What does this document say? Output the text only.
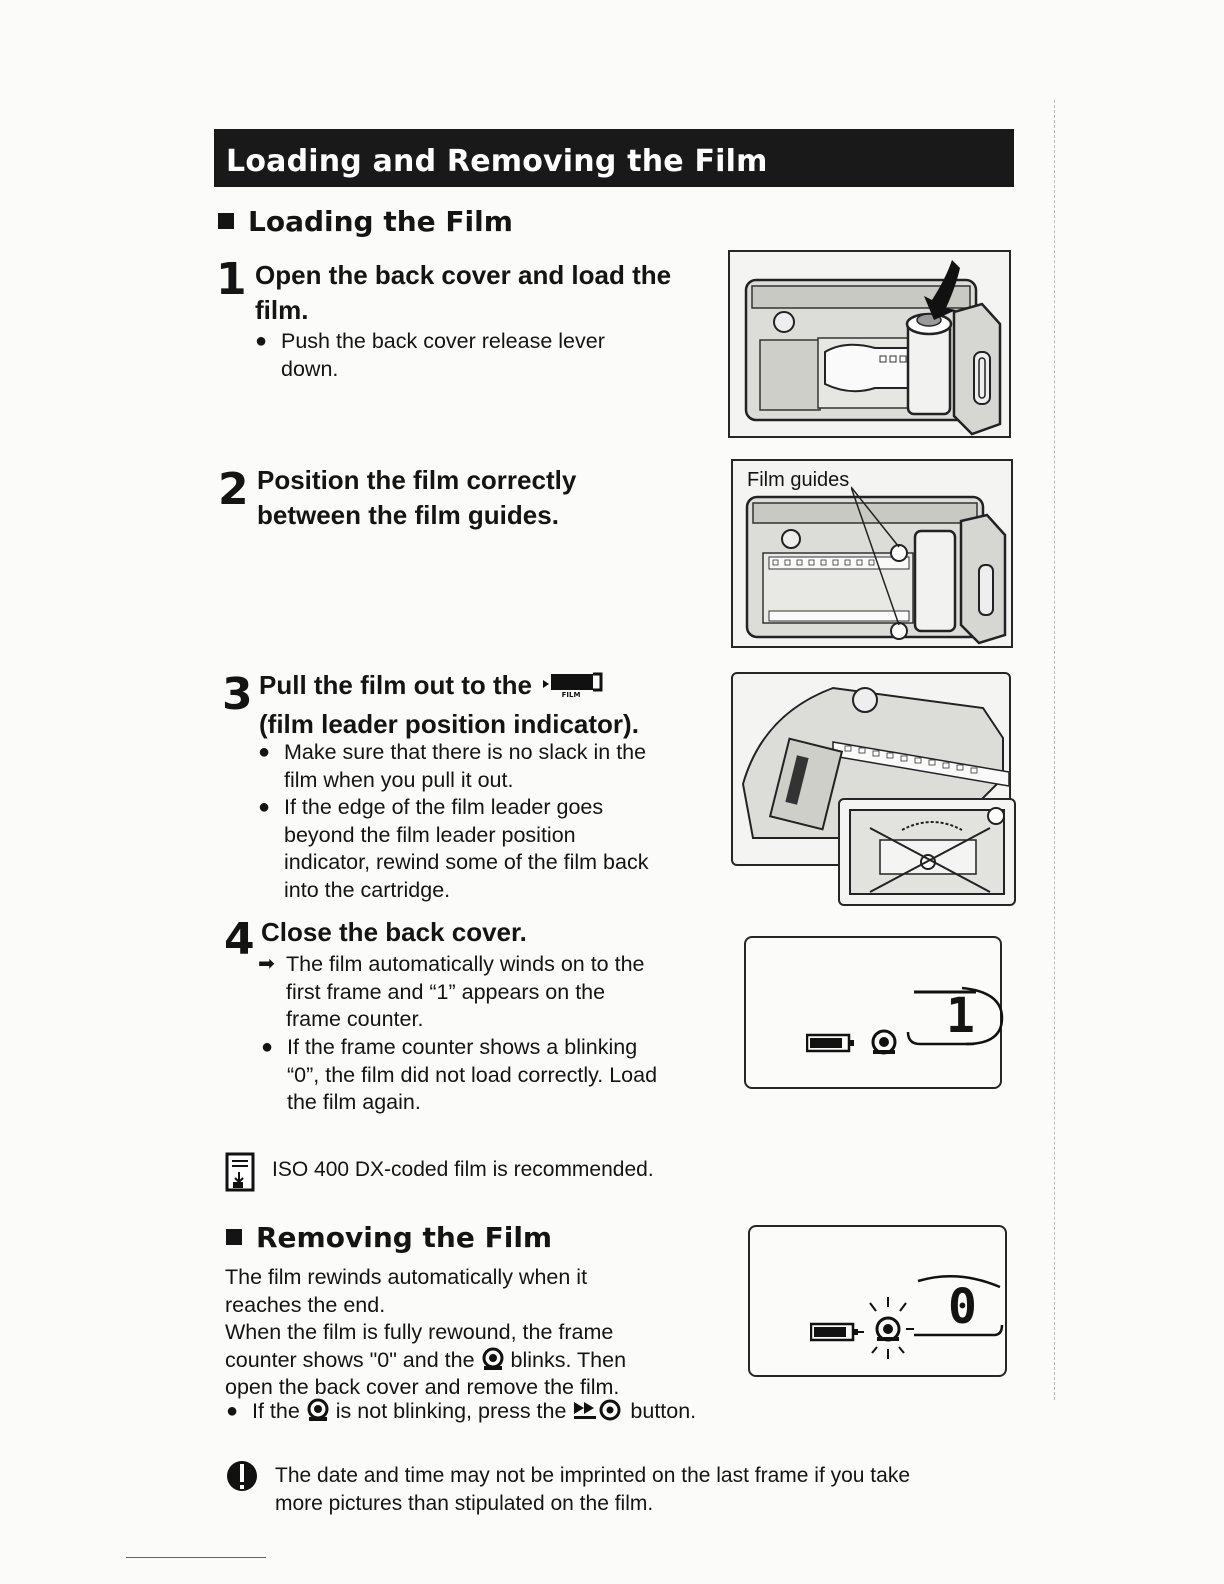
Loading and Removing the Film
Loading the Film
1 Open the back cover and load the
film.
● Push the back cover release lever
down.
2 Position the film correctly
between the film guides.
Film guides
3 Pull the film out to the	FILM
(film leader position indicator).
● Make sure that there is no slack in the
film when you pull it out.
● If the edge of the film leader goes
beyond the film leader position
indicator, rewind some of the film back
into the cartridge.
4 Close the back cover.
➡ The film automatically winds on to the
first frame and “1” appears on the
frame counter.
● If the frame counter shows a blinking
“0”, the film did not load correctly. Load
the film again.
1
ISO 400 DX-coded film is recommended.
Removing the Film
The film rewinds automatically when it
reaches the end.
When the film is fully rewound, the frame
counter shows "0" and the blinks. Then
open the back cover and remove the film.
● If the is not blinking, press the	button.
0
The date and time may not be imprinted on the last frame if you take
more pictures than stipulated on the film.
